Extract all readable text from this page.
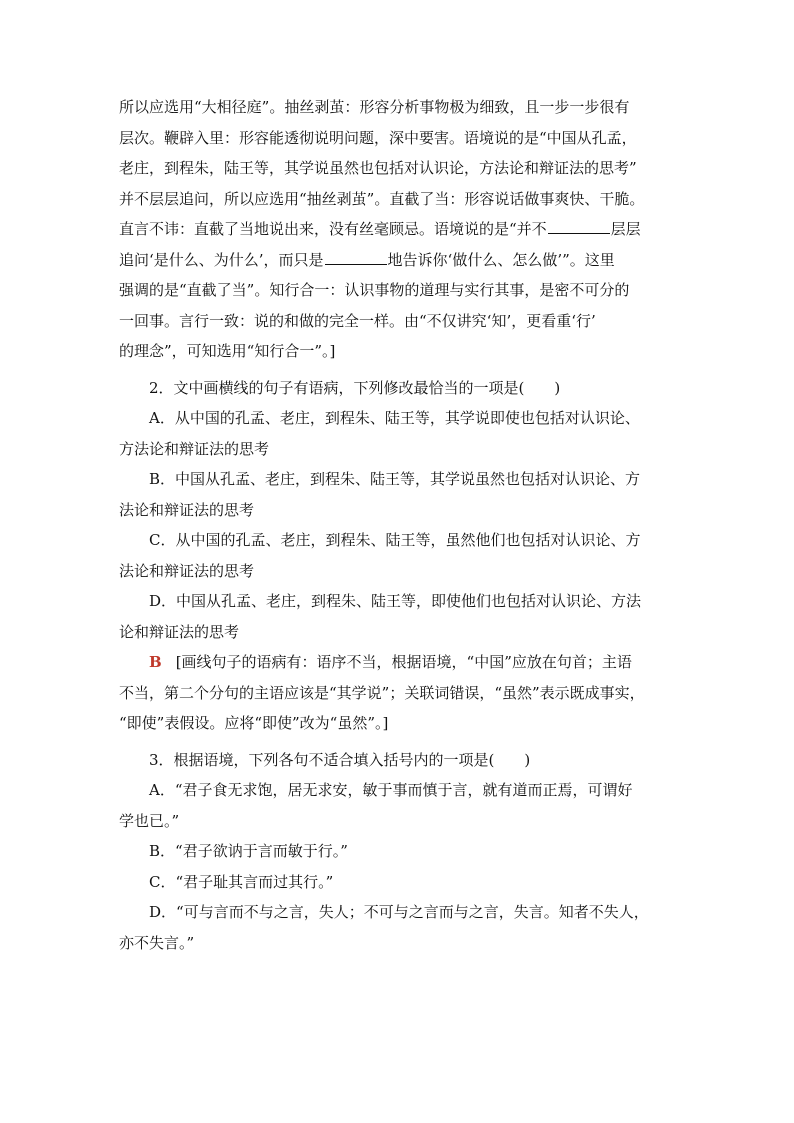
所以应选用“大相径庭”。抽丝剥茧：形容分析事物极为细致，且一步一步很有
层次。鞭辟入里：形容能透彻说明问题，深中要害。语境说的是“中国从孔孟，
老庄，到程朱，陆王等，其学说虽然也包括对认识论，方法论和辩证法的思考”
并不层层追问，所以应选用“抽丝剥茧”。直截了当：形容说话做事爽快、干脆。
直言不讳：直截了当地说出来，没有丝毫顾忌。语境说的是“并不	层层
追问‘是什么、为什么’，而只是	地告诉你‘做什么、怎么做’”。这里
强调的是“直截了当”。知行合一：认识事物的道理与实行其事，是密不可分的
一回事。言行一致：说的和做的完全一样。由“不仅讲究‘知’，更看重‘行’
的理念”，可知选用“知行合一”。]
2．文中画横线的句子有语病，下列修改最恰当的一项是(　　)
A．从中国的孔孟、老庄，到程朱、陆王等，其学说即使也包括对认识论、
方法论和辩证法的思考
B．中国从孔孟、老庄，到程朱、陆王等，其学说虽然也包括对认识论、方
法论和辩证法的思考
C．从中国的孔孟、老庄，到程朱、陆王等，虽然他们也包括对认识论、方
法论和辩证法的思考
D．中国从孔孟、老庄，到程朱、陆王等，即使他们也包括对认识论、方法
论和辩证法的思考
B [画线句子的语病有：语序不当，根据语境，“中国”应放在句首；主语
不当，第二个分句的主语应该是“其学说”；关联词错误，“虽然”表示既成事实，
“即使”表假设。应将“即使”改为“虽然”。]
3．根据语境，下列各句不适合填入括号内的一项是(　　)
A．“君子食无求饱，居无求安，敏于事而慎于言，就有道而正焉，可谓好
学也已。”
B．“君子欲讷于言而敏于行。”
C．“君子耻其言而过其行。”
D．“可与言而不与之言，失人；不可与之言而与之言，失言。知者不失人，
亦不失言。”
